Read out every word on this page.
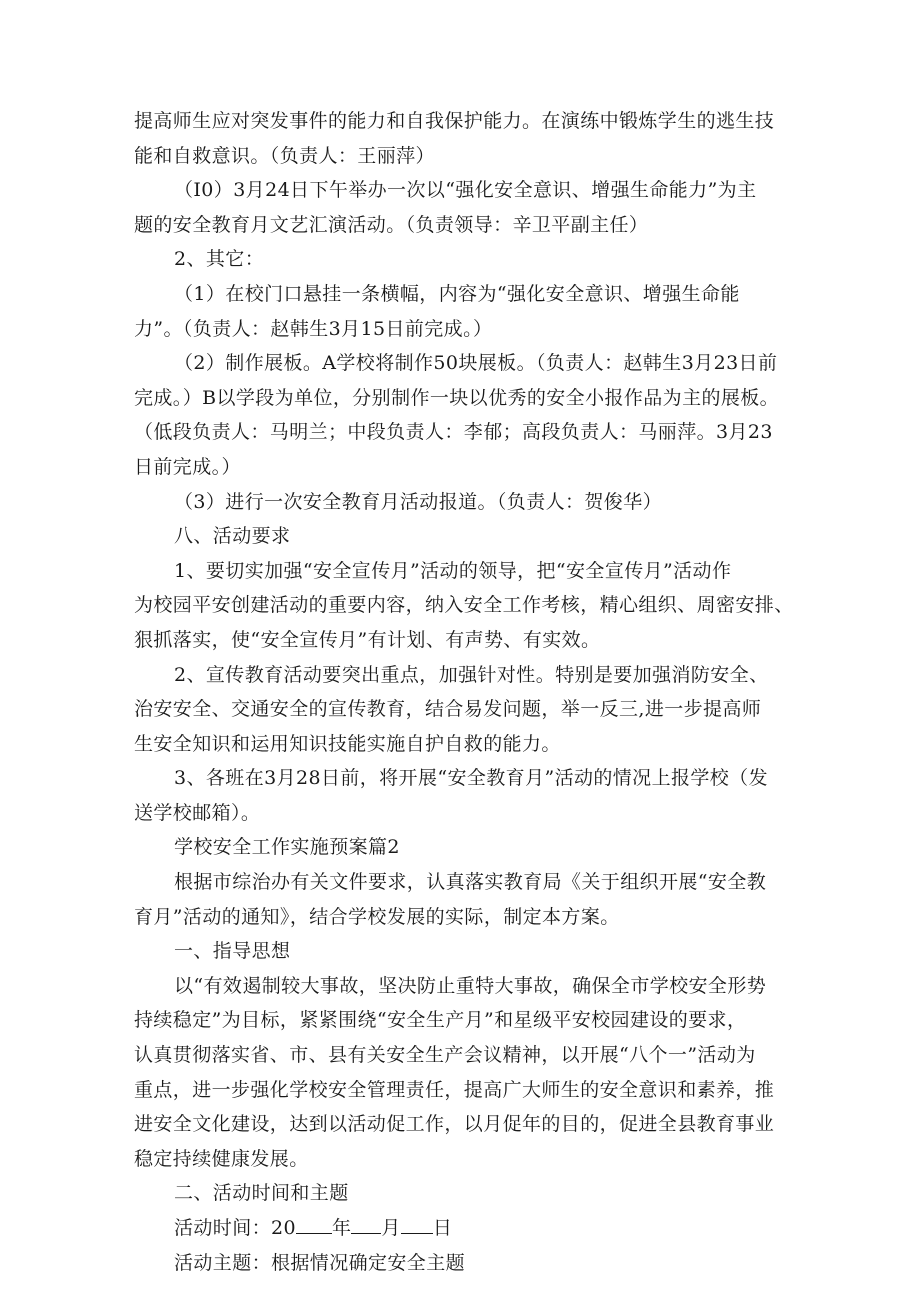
提高师生应对突发事件的能力和自我保护能力。在演练中锻炼学生的逃生技
能和自救意识。（负责人：王丽萍）
（I0）3月24日下午举办一次以“强化安全意识、增强生命能力”为主
题的安全教育月文艺汇演活动。（负责领导：辛卫平副主任）
2、其它：
（1）在校门口悬挂一条横幅，内容为“强化安全意识、增强生命能
力”。（负责人：赵韩生3月15日前完成。）
（2）制作展板。A学校将制作50块展板。（负责人：赵韩生3月23日前
完成。）B以学段为单位，分别制作一块以优秀的安全小报作品为主的展板。
（低段负责人：马明兰；中段负责人：李郁；高段负责人：马丽萍。3月23
日前完成。）
（3）进行一次安全教育月活动报道。（负责人：贺俊华）
八、活动要求
1、要切实加强“安全宣传月”活动的领导，把“安全宣传月”活动作
为校园平安创建活动的重要内容，纳入安全工作考核，精心组织、周密安排、
狠抓落实，使“安全宣传月”有计划、有声势、有实效。
2、宣传教育活动要突出重点，加强针对性。特别是要加强消防安全、
治安安全、交通安全的宣传教育，结合易发问题，举一反三,进一步提高师
生安全知识和运用知识技能实施自护自救的能力。
3、各班在3月28日前，将开展“安全教育月”活动的情况上报学校（发
送学校邮箱）。
学校安全工作实施预案篇2
根据市综治办有关文件要求，认真落实教育局《关于组织开展“安全教
育月”活动的通知》，结合学校发展的实际，制定本方案。
一、指导思想
以“有效遏制较大事故，坚决防止重特大事故，确保全市学校安全形势
持续稳定”为目标，紧紧围绕“安全生产月”和星级平安校园建设的要求，
认真贯彻落实省、市、县有关安全生产会议精神，以开展“八个一”活动为
重点，进一步强化学校安全管理责任，提高广大师生的安全意识和素养，推
进安全文化建设，达到以活动促工作，以月促年的目的，促进全县教育事业
稳定持续健康发展。
二、活动时间和主题
活动时间：20 年 月 日
活动主题：根据情况确定安全主题
